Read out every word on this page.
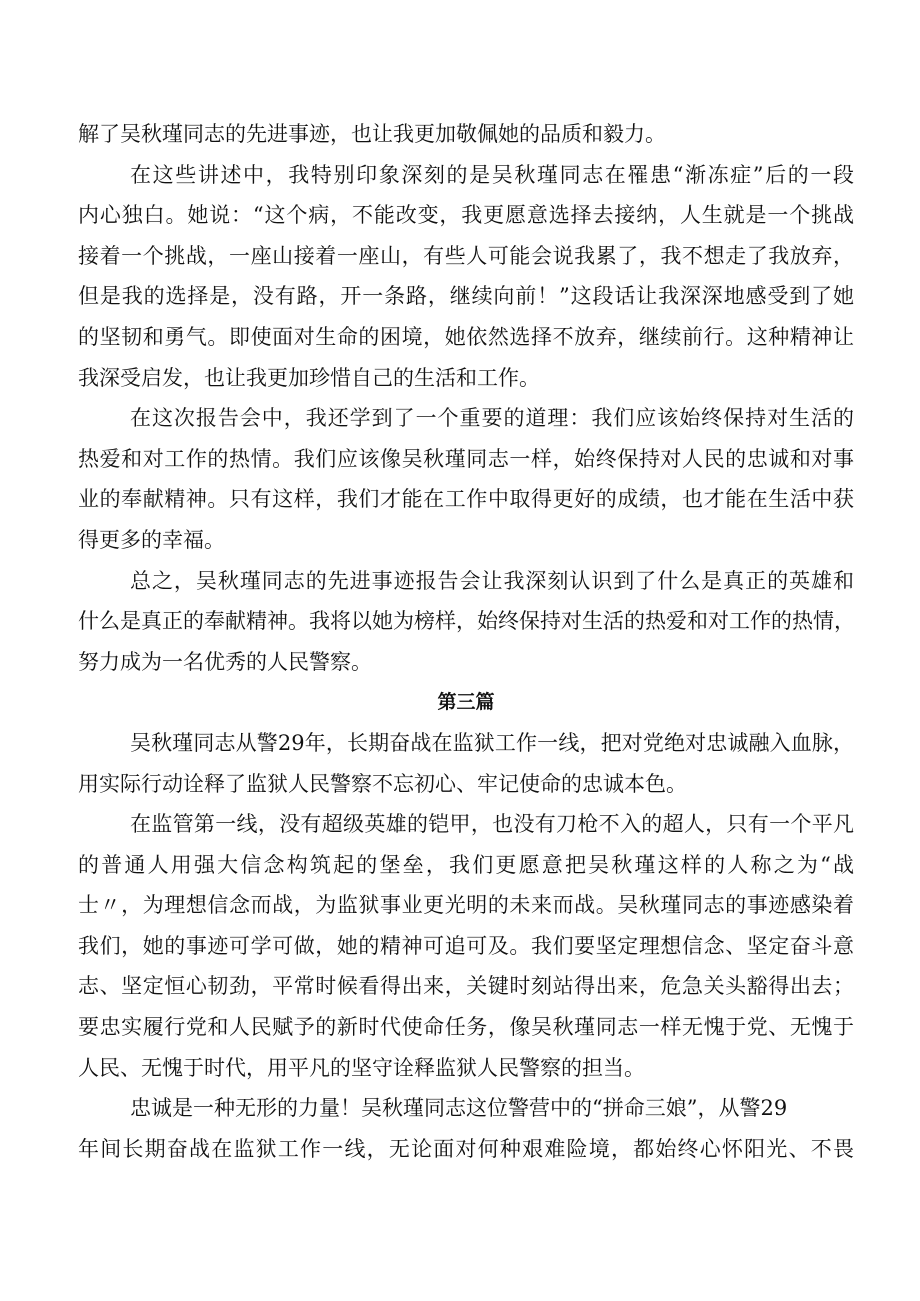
解了吴秋瑾同志的先进事迹，也让我更加敬佩她的品质和毅力。
在这些讲述中，我特别印象深刻的是吴秋瑾同志在罹患“渐冻症”后的一段
内心独白。她说：“这个病，不能改变，我更愿意选择去接纳，人生就是一个挑战
接着一个挑战，一座山接着一座山，有些人可能会说我累了，我不想走了我放弃，
但是我的选择是，没有路，开一条路，继续向前！”这段话让我深深地感受到了她
的坚韧和勇气。即使面对生命的困境，她依然选择不放弃，继续前行。这种精神让
我深受启发，也让我更加珍惜自己的生活和工作。
在这次报告会中，我还学到了一个重要的道理：我们应该始终保持对生活的
热爱和对工作的热情。我们应该像吴秋瑾同志一样，始终保持对人民的忠诚和对事
业的奉献精神。只有这样，我们才能在工作中取得更好的成绩，也才能在生活中获
得更多的幸福。
总之，吴秋瑾同志的先进事迹报告会让我深刻认识到了什么是真正的英雄和
什么是真正的奉献精神。我将以她为榜样，始终保持对生活的热爱和对工作的热情，
努力成为一名优秀的人民警察。
第三篇
吴秋瑾同志从警29年，长期奋战在监狱工作一线，把对党绝对忠诚融入血脉，
用实际行动诠释了监狱人民警察不忘初心、牢记使命的忠诚本色。
在监管第一线，没有超级英雄的铠甲，也没有刀枪不入的超人，只有一个平凡
的普通人用强大信念构筑起的堡垒，我们更愿意把吴秋瑾这样的人称之为“战
士〃，为理想信念而战，为监狱事业更光明的未来而战。吴秋瑾同志的事迹感染着
我们，她的事迹可学可做，她的精神可追可及。我们要坚定理想信念、坚定奋斗意
志、坚定恒心韧劲，平常时候看得出来，关键时刻站得出来，危急关头豁得出去；
要忠实履行党和人民赋予的新时代使命任务，像吴秋瑾同志一样无愧于党、无愧于
人民、无愧于时代，用平凡的坚守诠释监狱人民警察的担当。
忠诚是一种无形的力量！吴秋瑾同志这位警营中的“拼命三娘”，从警29
年间长期奋战在监狱工作一线，无论面对何种艰难险境，都始终心怀阳光、不畏
